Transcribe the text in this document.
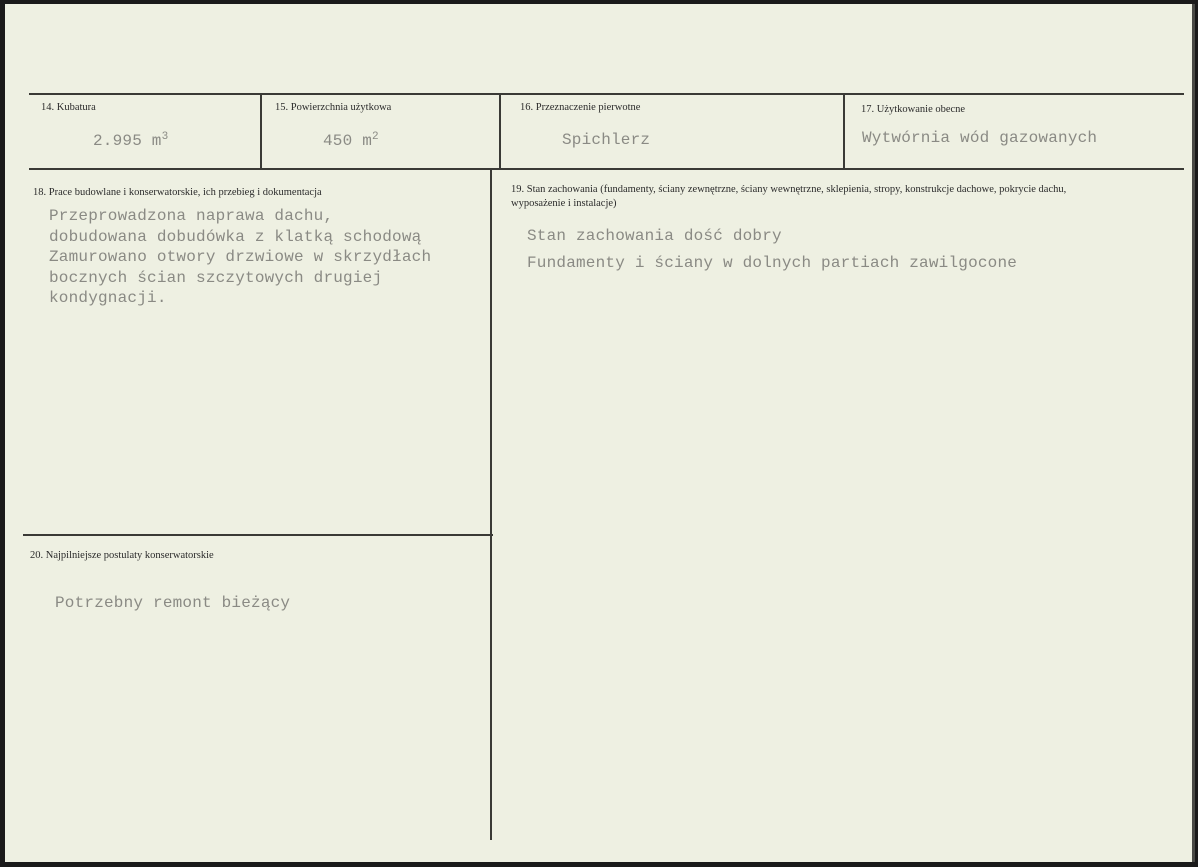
14. Kubatura
2.995 $m^3$
15. Powierzchnia użytkowa
450 $m^2$
16. Przeznaczenie pierwotne
Spichlerz
17. Użytkowanie obecne
Wytwórnia wód gazowanych
18. Prace budowlane i konserwatorskie, ich przebieg i dokumentacja
Przeprowadzona naprawa dachu,
dobudowana dobudówka z klatką schodową
Zamurowano otwory drzwiowe w skrzydłach
bocznych ścian szczytowych drugiej
kondygnacji.
19. Stan zachowania (fundamenty, ściany zewnętrzne, ściany wewnętrzne, sklepienia, stropy, konstrukcje dachowe, pokrycie dachu, wyposażenie i instalacje)
Stan zachowania dość dobry
Fundamenty i ściany w dolnych partiach zawilgocone
20. Najpilniejsze postulaty konserwatorskie
Potrzebny remont bieżący
